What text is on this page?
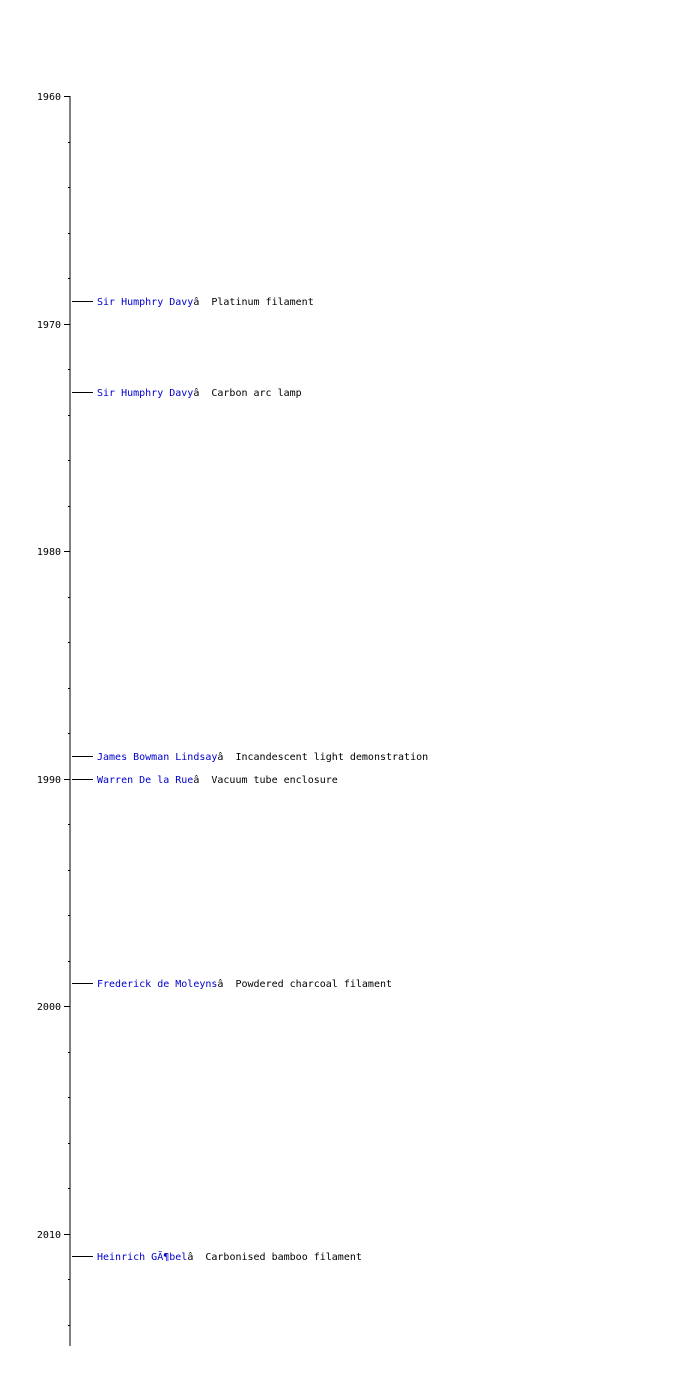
1960
1970
1980
1990
2000
2010
Sir Humphry Davyâ Platinum filament
Sir Humphry Davyâ Carbon arc lamp
James Bowman Lindsayâ Incandescent light demonstration
Warren De la Rueâ Vacuum tube enclosure
Frederick de Moleynsâ Powdered charcoal filament
Heinrich GÃ¶belâ Carbonised bamboo filament
